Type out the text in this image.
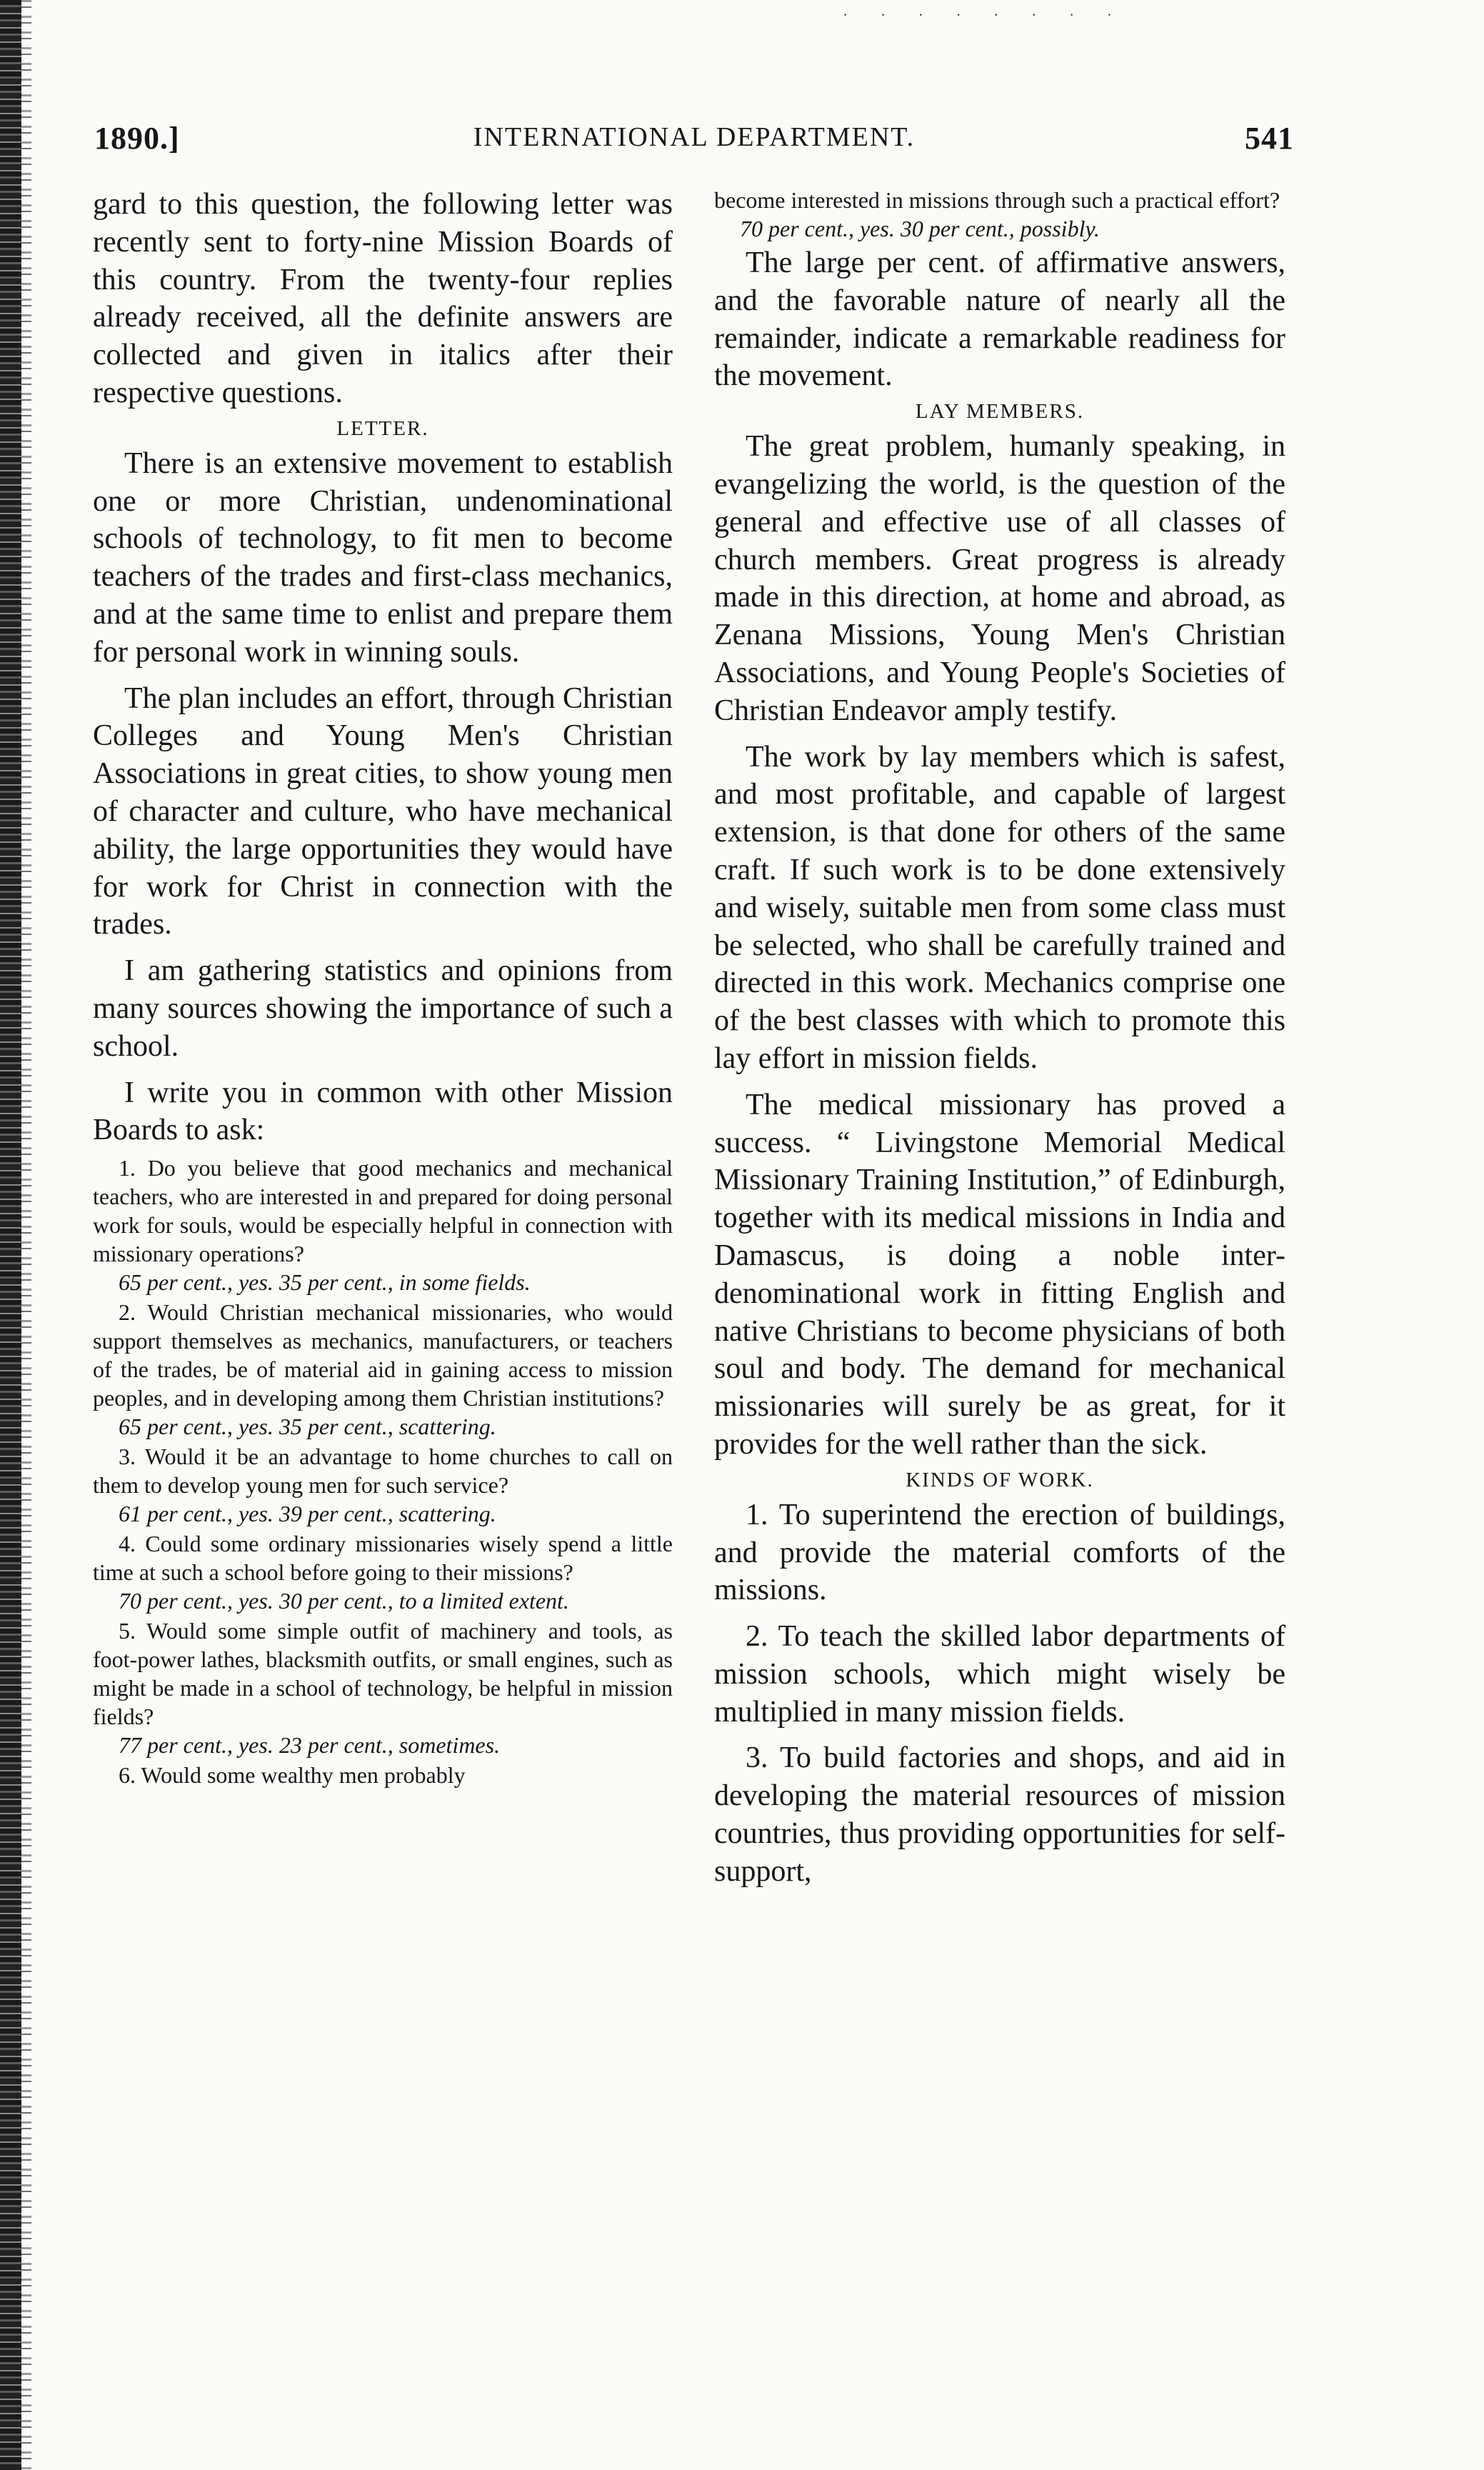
· · · · · · · ·
1890.]	INTERNATIONAL DEPARTMENT.	541

gard to this question, the following letter was recently sent to forty-nine Mission Boards of this country. From the twenty-four replies already received, all the definite answers are collected and given in italics after their respective questions.

LETTER.

There is an extensive movement to establish one or more Christian, undenominational schools of technology, to fit men to become teachers of the trades and first-class mechanics, and at the same time to enlist and prepare them for personal work in winning souls.

The plan includes an effort, through Christian Colleges and Young Men's Christian Associations in great cities, to show young men of character and culture, who have mechanical ability, the large opportunities they would have for work for Christ in connection with the trades.

I am gathering statistics and opinions from many sources showing the importance of such a school.

I write you in common with other Mission Boards to ask:

1. Do you believe that good mechanics and mechanical teachers, who are interested in and prepared for doing personal work for souls, would be especially helpful in connection with missionary operations?

65 per cent., yes. 35 per cent., in some fields.

2. Would Christian mechanical missionaries, who would support themselves as mechanics, manufacturers, or teachers of the trades, be of material aid in gaining access to mission peoples, and in developing among them Christian institutions?

65 per cent., yes. 35 per cent., scattering.

3. Would it be an advantage to home churches to call on them to develop young men for such service?

61 per cent., yes. 39 per cent., scattering.

4. Could some ordinary missionaries wisely spend a little time at such a school before going to their missions?

70 per cent., yes. 30 per cent., to a limited extent.

5. Would some simple outfit of machinery and tools, as foot-power lathes, blacksmith outfits, or small engines, such as might be made in a school of technology, be helpful in mission fields?

77 per cent., yes. 23 per cent., sometimes.

6. Would some wealthy men probably

become interested in missions through such a practical effort?

70 per cent., yes. 30 per cent., possibly.

The large per cent. of affirmative answers, and the favorable nature of nearly all the remainder, indicate a remarkable readiness for the movement.

LAY MEMBERS.

The great problem, humanly speaking, in evangelizing the world, is the question of the general and effective use of all classes of church members. Great progress is already made in this direction, at home and abroad, as Zenana Missions, Young Men's Christian Associations, and Young People's Societies of Christian Endeavor amply testify.

The work by lay members which is safest, and most profitable, and capable of largest extension, is that done for others of the same craft. If such work is to be done extensively and wisely, suitable men from some class must be selected, who shall be carefully trained and directed in this work. Mechanics comprise one of the best classes with which to promote this lay effort in mission fields.

The medical missionary has proved a success. “ Livingstone Memorial Medical Missionary Training Institution,” of Edinburgh, together with its medical missions in India and Damascus, is doing a noble inter-denominational work in fitting English and native Christians to become physicians of both soul and body. The demand for mechanical missionaries will surely be as great, for it provides for the well rather than the sick.

KINDS OF WORK.

1. To superintend the erection of buildings, and provide the material comforts of the missions.

2. To teach the skilled labor departments of mission schools, which might wisely be multiplied in many mission fields.

3. To build factories and shops, and aid in developing the material resources of mission countries, thus providing opportunities for self-support,
